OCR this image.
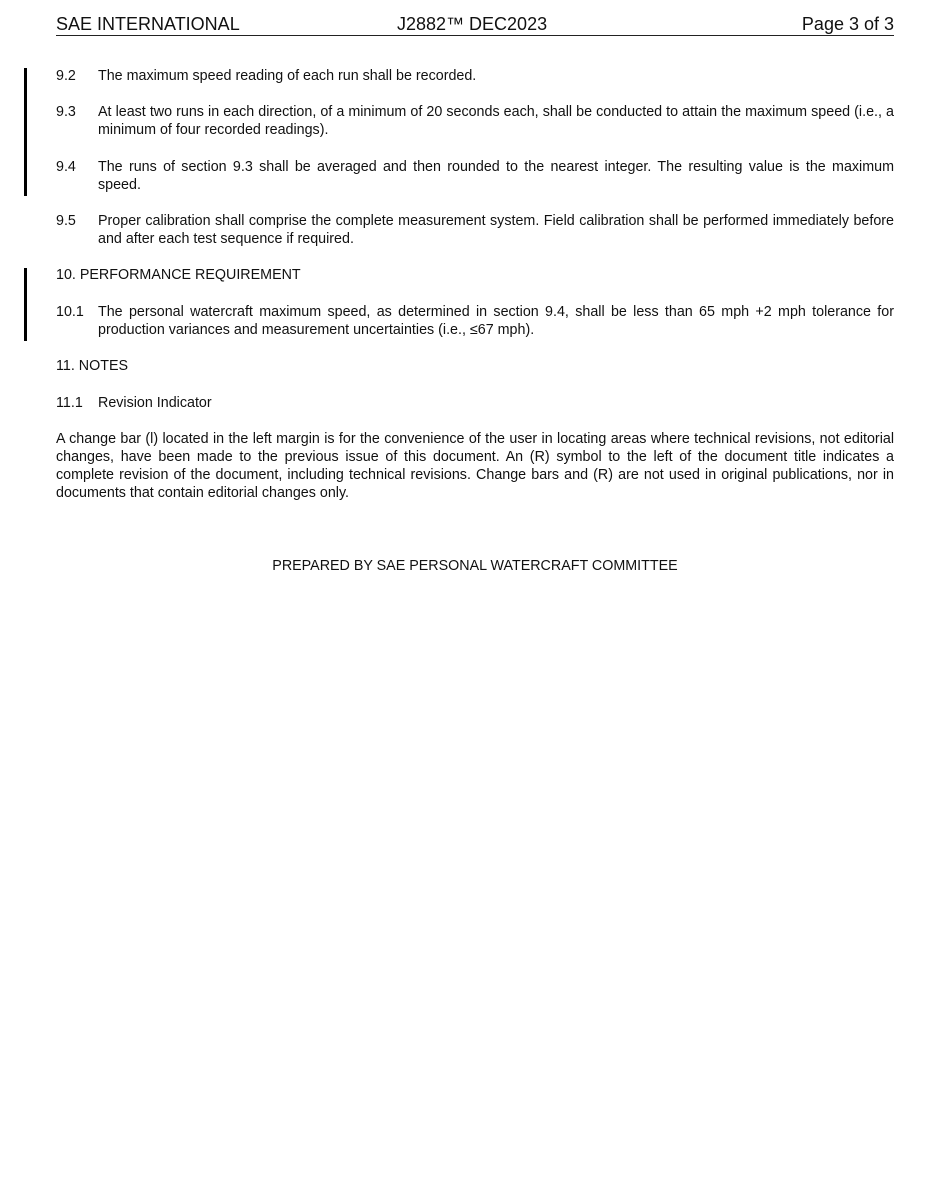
SAE INTERNATIONAL	J2882™ DEC2023	Page 3 of 3
9.2 The maximum speed reading of each run shall be recorded.
9.3 At least two runs in each direction, of a minimum of 20 seconds each, shall be conducted to attain the maximum speed (i.e., a minimum of four recorded readings).
9.4 The runs of section 9.3 shall be averaged and then rounded to the nearest integer. The resulting value is the maximum speed.
9.5 Proper calibration shall comprise the complete measurement system. Field calibration shall be performed immediately before and after each test sequence if required.
10. PERFORMANCE REQUIREMENT
10.1 The personal watercraft maximum speed, as determined in section 9.4, shall be less than 65 mph +2 mph tolerance for production variances and measurement uncertainties (i.e., ≤67 mph).
11. NOTES
11.1 Revision Indicator
A change bar (l) located in the left margin is for the convenience of the user in locating areas where technical revisions, not editorial changes, have been made to the previous issue of this document. An (R) symbol to the left of the document title indicates a complete revision of the document, including technical revisions. Change bars and (R) are not used in original publications, nor in documents that contain editorial changes only.
PREPARED BY SAE PERSONAL WATERCRAFT COMMITTEE
